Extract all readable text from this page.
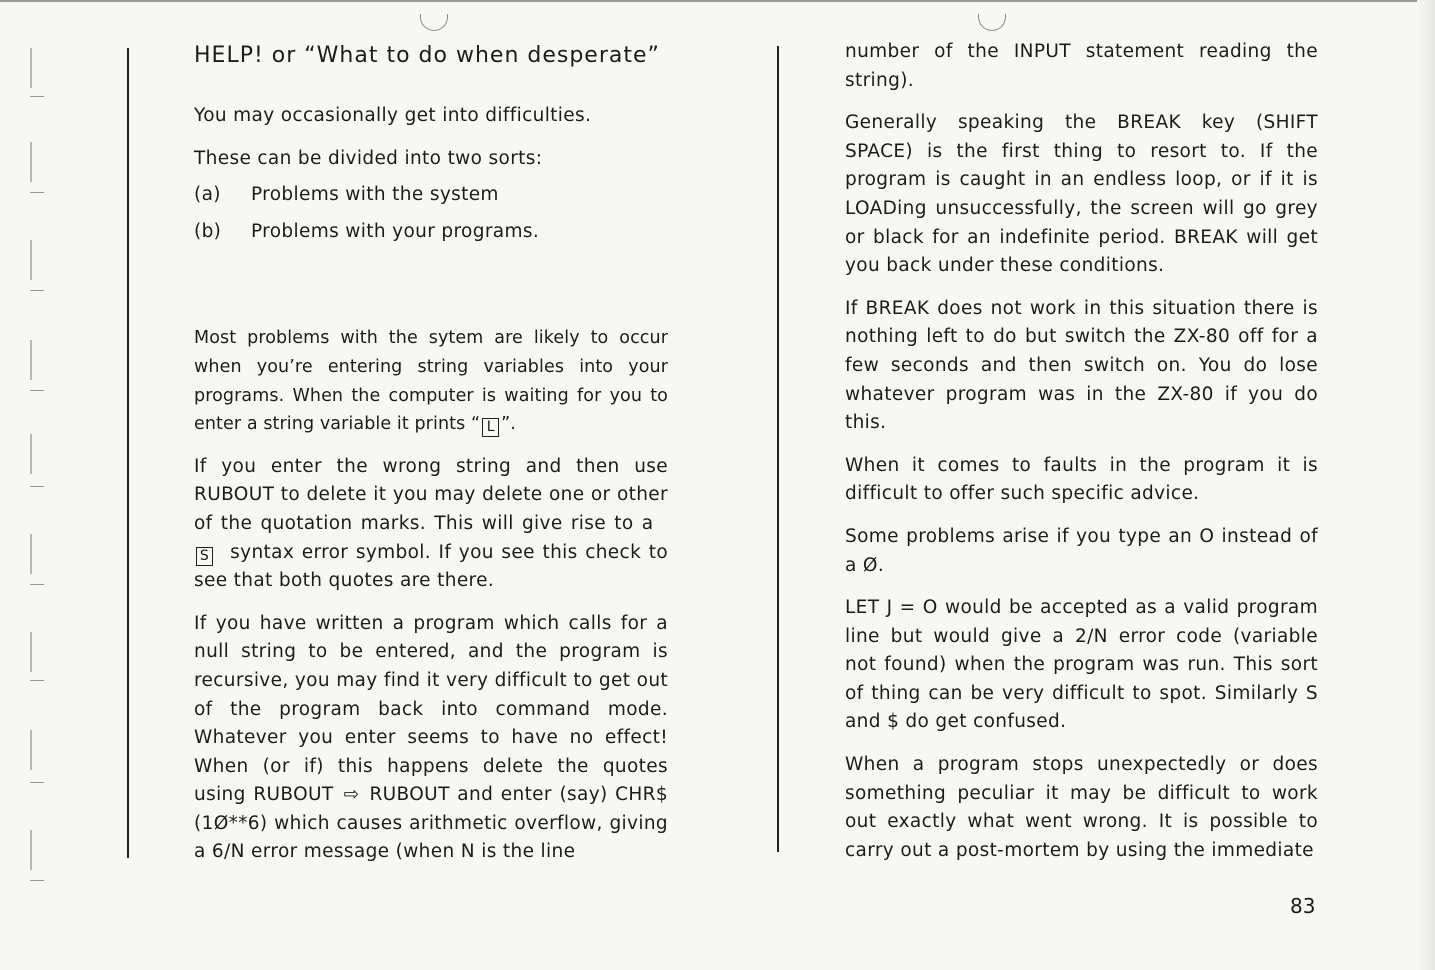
HELP! or “What to do when desperate”

You may occasionally get into difficulties.

These can be divided into two sorts:

(a)	Problems with the system
(b)	Problems with your programs.

Most problems with the sytem are likely to occur when you’re entering string variables into your programs. When the computer is waiting for you to enter a string variable it prints “ L ”.

If you enter the wrong string and then use RUBOUT to delete it you may delete one or other of the quotation marks. This will give rise to a  S syntax error symbol. If you see this check to see that both quotes are there.

If you have written a program which calls for a null string to be entered, and the program is recursive, you may find it very difficult to get out of the program back into command mode. Whatever you enter seems to have no effect! When (or if) this happens delete the quotes using RUBOUT ⇨ RUBOUT and enter (say) CHR$ (1Ø**6) which causes arithmetic overflow, giving a 6/N error message (when N is the line

number of the INPUT statement reading the string).

Generally speaking the BREAK key (SHIFT SPACE) is the first thing to resort to. If the program is caught in an endless loop, or if it is LOADing unsuccessfully, the screen will go grey or black for an indefinite period. BREAK will get you back under these conditions.

If BREAK does not work in this situation there is nothing left to do but switch the ZX-80 off for a few seconds and then switch on. You do lose whatever program was in the ZX-80 if you do this.

When it comes to faults in the program it is difficult to offer such specific advice.

Some problems arise if you type an O instead of a Ø.

LET J = O would be accepted as a valid program line but would give a 2/N error code (variable not found) when the program was run. This sort of thing can be very difficult to spot. Similarly S and $ do get confused.

When a program stops unexpectedly or does something peculiar it may be difficult to work out exactly what went wrong. It is possible to carry out a post-mortem by using the immediate

83
